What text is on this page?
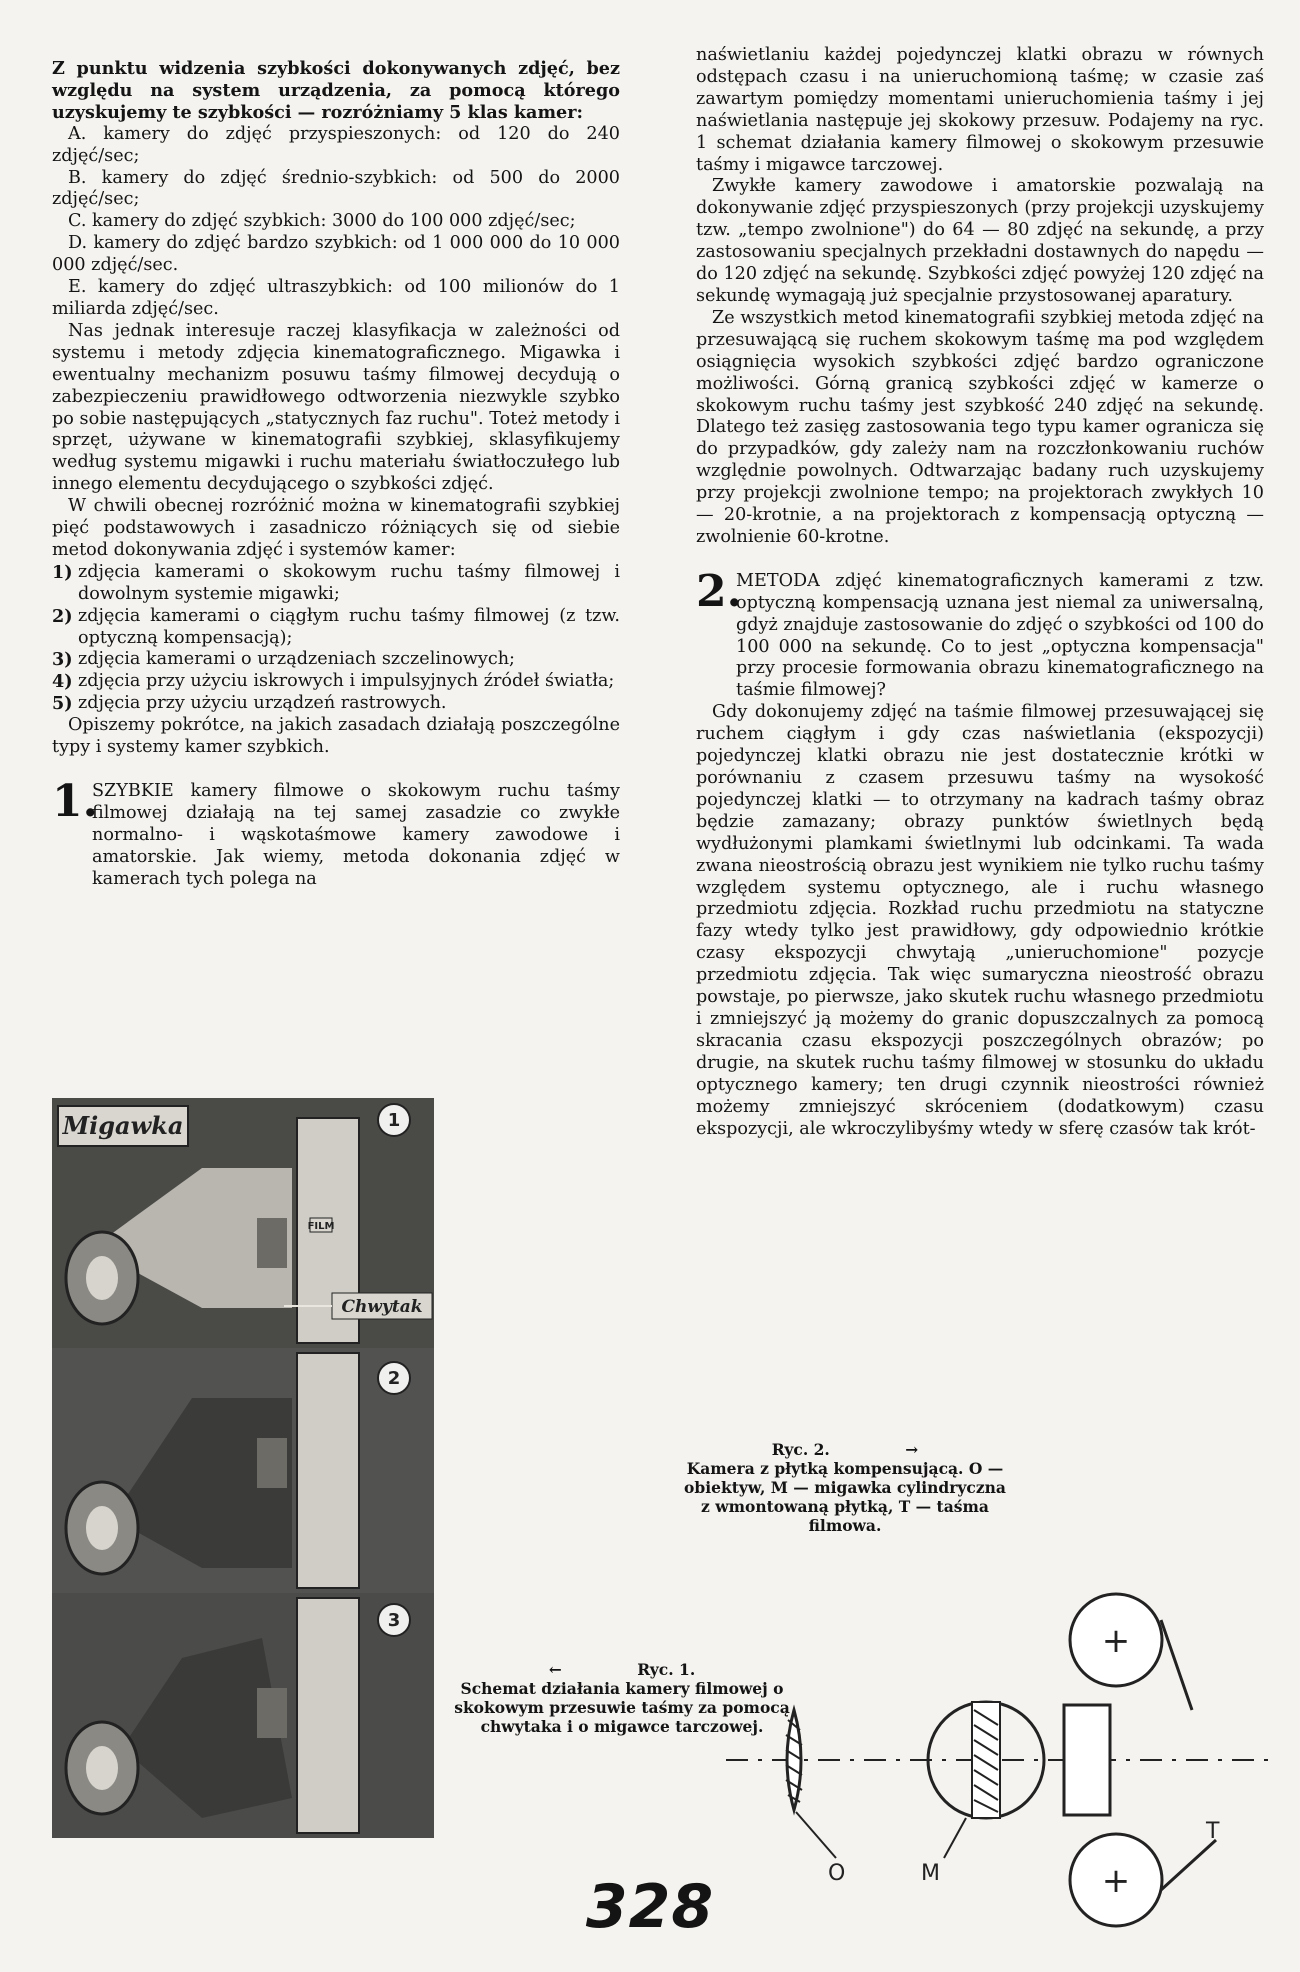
Z punktu widzenia szybkości dokonywanych zdjęć, bez względu na system urządzenia, za pomocą którego uzyskujemy te szybkości — rozróżniamy 5 klas kamer:

A. kamery do zdjęć przyspieszonych: od 120 do 240 zdjęć/sec;

B. kamery do zdjęć średnio-szybkich: od 500 do 2000 zdjęć/sec;

C. kamery do zdjęć szybkich: 3000 do 100 000 zdjęć/sec;

D. kamery do zdjęć bardzo szybkich: od 1 000 000 do 10 000 000 zdjęć/sec.

E. kamery do zdjęć ultraszybkich: od 100 milionów do 1 miliarda zdjęć/sec.

Nas jednak interesuje raczej klasyfikacja w zależności od systemu i metody zdjęcia kinematograficznego. Migawka i ewentualny mechanizm posuwu taśmy filmowej decydują o zabezpieczeniu prawidłowego odtworzenia niezwykle szybko po sobie następujących „statycznych faz ruchu". Toteż metody i sprzęt, używane w kinematografii szybkiej, sklasyfikujemy według systemu migawki i ruchu materiału światłoczułego lub innego elementu decydującego o szybkości zdjęć.

W chwili obecnej rozróżnić można w kinematografii szybkiej pięć podstawowych i zasadniczo różniących się od siebie metod dokonywania zdjęć i systemów kamer:

1) zdjęcia kamerami o skokowym ruchu taśmy filmowej i dowolnym systemie migawki;
2) zdjęcia kamerami o ciągłym ruchu taśmy filmowej (z tzw. optyczną kompensacją);
3) zdjęcia kamerami o urządzeniach szczelinowych;
4) zdjęcia przy użyciu iskrowych i impulsyjnych źródeł światła;
5) zdjęcia przy użyciu urządzeń rastrowych.

Opiszemy pokrótce, na jakich zasadach działają poszczególne typy i systemy kamer szybkich.

1.
SZYBKIE kamery filmowe o skokowym ruchu taśmy filmowej działają na tej samej zasadzie co zwykłe normalno- i wąskotaśmowe kamery zawodowe i amatorskie. Jak wiemy, metoda dokonania zdjęć w kamerach tych polega na

naświetlaniu każdej pojedynczej klatki obrazu w równych odstępach czasu i na unieruchomioną taśmę; w czasie zaś zawartym pomiędzy momentami unieruchomienia taśmy i jej naświetlania następuje jej skokowy przesuw. Podajemy na ryc. 1 schemat działania kamery filmowej o skokowym przesuwie taśmy i migawce tarczowej.

Zwykłe kamery zawodowe i amatorskie pozwalają na dokonywanie zdjęć przyspieszonych (przy projekcji uzyskujemy tzw. „tempo zwolnione") do 64 — 80 zdjęć na sekundę, a przy zastosowaniu specjalnych przekładni dostawnych do napędu — do 120 zdjęć na sekundę. Szybkości zdjęć powyżej 120 zdjęć na sekundę wymagają już specjalnie przystosowanej aparatury.

Ze wszystkich metod kinematografii szybkiej metoda zdjęć na przesuwającą się ruchem skokowym taśmę ma pod względem osiągnięcia wysokich szybkości zdjęć bardzo ograniczone możliwości. Górną granicą szybkości zdjęć w kamerze o skokowym ruchu taśmy jest szybkość 240 zdjęć na sekundę. Dlatego też zasięg zastosowania tego typu kamer ogranicza się do przypadków, gdy zależy nam na rozczłonkowaniu ruchów względnie powolnych. Odtwarzając badany ruch uzyskujemy przy projekcji zwolnione tempo; na projektorach zwykłych 10 — 20-krotnie, a na projektorach z kompensacją optyczną — zwolnienie 60-krotne.

2.
METODA zdjęć kinematograficznych kamerami z tzw. optyczną kompensacją uznana jest niemal za uniwersalną, gdyż znajduje zastosowanie do zdjęć o szybkości od 100 do 100 000 na sekundę. Co to jest „optyczna kompensacja" przy procesie formowania obrazu kinematograficznego na taśmie filmowej?

Gdy dokonujemy zdjęć na taśmie filmowej przesuwającej się ruchem ciągłym i gdy czas naświetlania (ekspozycji) pojedynczej klatki obrazu nie jest dostatecznie krótki w porównaniu z czasem przesuwu taśmy na wysokość pojedynczej klatki — to otrzymany na kadrach taśmy obraz będzie zamazany; obrazy punktów świetlnych będą wydłużonymi plamkami świetlnymi lub odcinkami. Ta wada zwana nieostrością obrazu jest wynikiem nie tylko ruchu taśmy względem systemu optycznego, ale i ruchu własnego przedmiotu zdjęcia. Rozkład ruchu przedmiotu na statyczne fazy wtedy tylko jest prawidłowy, gdy odpowiednio krótkie czasy ekspozycji chwytają „unieruchomione" pozycje przedmiotu zdjęcia. Tak więc sumaryczna nieostrość obrazu powstaje, po pierwsze, jako skutek ruchu własnego przedmiotu i zmniejszyć ją możemy do granic dopuszczalnych za pomocą skracania czasu ekspozycji poszczególnych obrazów; po drugie, na skutek ruchu taśmy filmowej w stosunku do układu optycznego kamery; ten drugi czynnik nieostrości również możemy zmniejszyć skróceniem (dodatkowym) czasu ekspozycji, ale wkroczylibyśmy wtedy w sferę czasów tak krót-

Migawka
FILM
1
Chwytak
2
3
←	Ryc. 1.
Schemat działania kamery filmowej o skokowym przesuwie taśmy za pomocą chwytaka i o migawce tarczowej.
Ryc. 2.	→
Kamera z płytką kompensującą. O — obiektyw, M — migawka cylindryczna z wmontowaną płytką, T — taśma filmowa.
O	M
+
+
T
328
